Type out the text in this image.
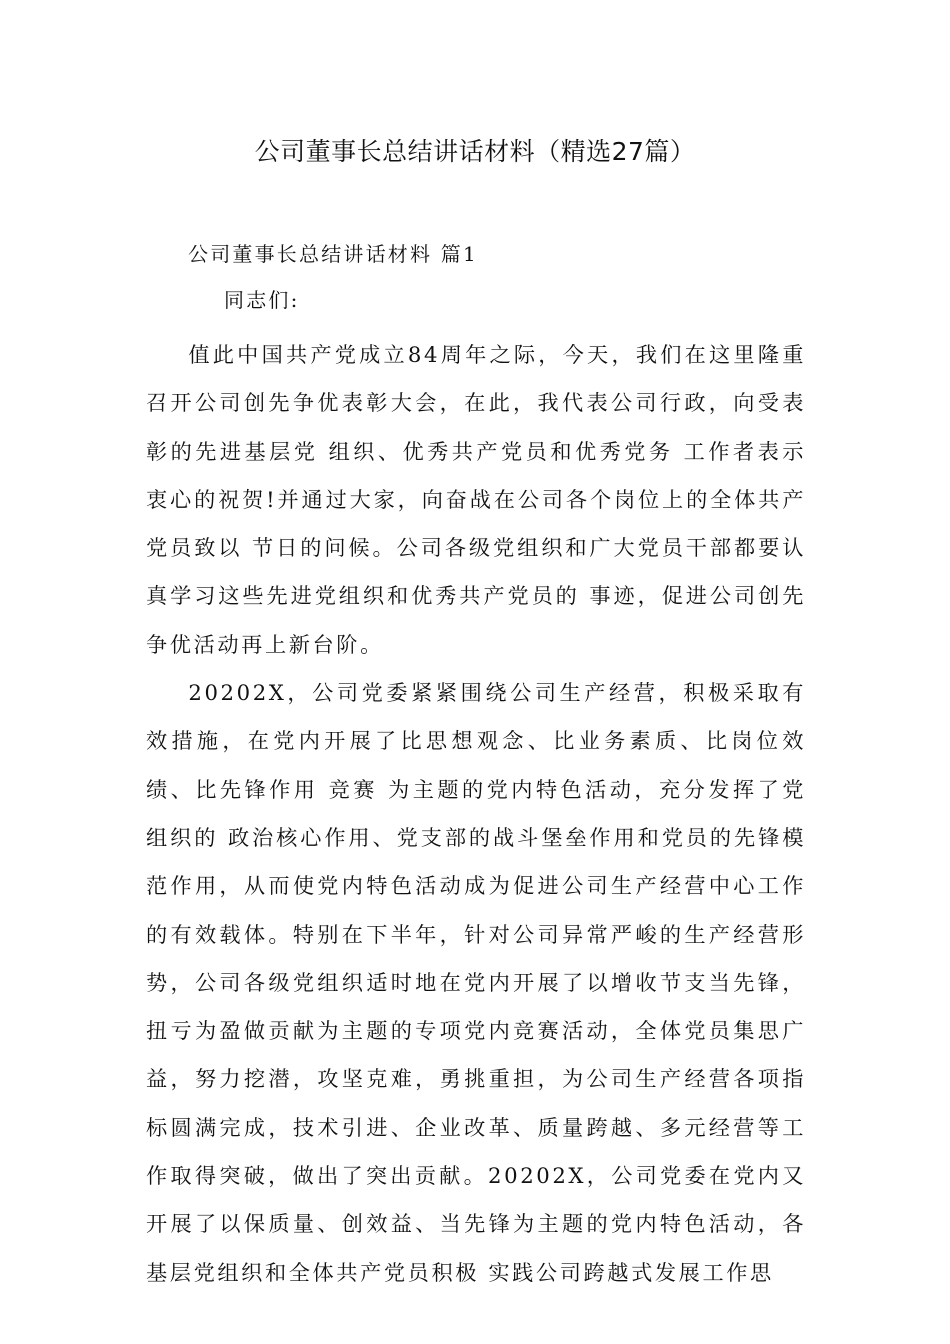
公司董事长总结讲话材料（精选27篇）
公司董事长总结讲话材料 篇1

同志们:

值此中国共产党成立84周年之际，今天，我们在这里隆重召开公司创先争优表彰大会，在此，我代表公司行政，向受表彰的先进基层党 组织、优秀共产党员和优秀党务 工作者表示衷心的祝贺!并通过大家，向奋战在公司各个岗位上的全体共产党员致以 节日的问候。公司各级党组织和广大党员干部都要认真学习这些先进党组织和优秀共产党员的 事迹，促进公司创先争优活动再上新台阶。

20202X，公司党委紧紧围绕公司生产经营，积极采取有效措施，在党内开展了比思想观念、比业务素质、比岗位效绩、比先锋作用 竞赛 为主题的党内特色活动，充分发挥了党组织的 政治核心作用、党支部的战斗堡垒作用和党员的先锋模范作用，从而使党内特色活动成为促进公司生产经营中心工作的有效载体。特别在下半年，针对公司异常严峻的生产经营形势，公司各级党组织适时地在党内开展了以增收节支当先锋，扭亏为盈做贡献为主题的专项党内竞赛活动，全体党员集思广益，努力挖潜，攻坚克难，勇挑重担，为公司生产经营各项指标圆满完成，技术引进、企业改革、质量跨越、多元经营等工作取得突破，做出了突出贡献。20202X，公司党委在党内又开展了以保质量、创效益、当先锋为主题的党内特色活动，各基层党组织和全体共产党员积极 实践公司跨越式发展工作思
